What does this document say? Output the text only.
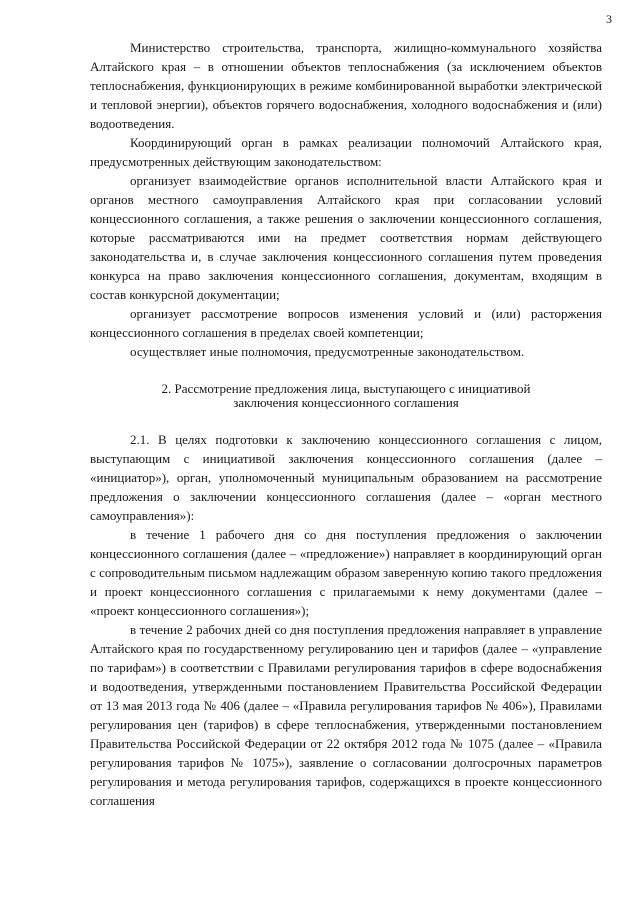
3

Министерство строительства, транспорта, жилищно-коммунального хозяйства Алтайского края – в отношении объектов теплоснабжения (за исключением объектов теплоснабжения, функционирующих в режиме комбинированной выработки электрической и тепловой энергии), объектов горячего водоснабжения, холодного водоснабжения и (или) водоотведения.

Координирующий орган в рамках реализации полномочий Алтайского края, предусмотренных действующим законодательством:

организует взаимодействие органов исполнительной власти Алтайского края и органов местного самоуправления Алтайского края при согласовании условий концессионного соглашения, а также решения о заключении концессионного соглашения, которые рассматриваются ими на предмет соответствия нормам действующего законодательства и, в случае заключения концессионного соглашения путем проведения конкурса на право заключения концессионного соглашения, документам, входящим в состав конкурсной документации;

организует рассмотрение вопросов изменения условий и (или) расторжения концессионного соглашения в пределах своей компетенции;

осуществляет иные полномочия, предусмотренные законодательством.

2. Рассмотрение предложения лица, выступающего с инициативой

заключения концессионного соглашения

2.1. В целях подготовки к заключению концессионного соглашения с лицом, выступающим с инициативой заключения концессионного соглашения (далее – «инициатор»), орган, уполномоченный муниципальным образованием на рассмотрение предложения о заключении концессионного соглашения (далее – «орган местного самоуправления»):

в течение 1 рабочего дня со дня поступления предложения о заключении концессионного соглашения (далее – «предложение») направляет в координирующий орган с сопроводительным письмом надлежащим образом заверенную копию такого предложения и проект концессионного соглашения с прилагаемыми к нему документами (далее – «проект концессионного соглашения»);

в течение 2 рабочих дней со дня поступления предложения направляет в управление Алтайского края по государственному регулированию цен и тарифов (далее – «управление по тарифам») в соответствии с Правилами регулирования тарифов в сфере водоснабжения и водоотведения, утвержденными постановлением Правительства Российской Федерации от 13 мая 2013 года № 406 (далее – «Правила регулирования тарифов № 406»), Правилами регулирования цен (тарифов) в сфере теплоснабжения, утвержденными постановлением Правительства Российской Федерации от 22 октября 2012 года № 1075 (далее – «Правила регулирования тарифов № 1075»), заявление о согласовании долгосрочных параметров регулирования и метода регулирования тарифов, содержащихся в проекте концессионного соглашения
